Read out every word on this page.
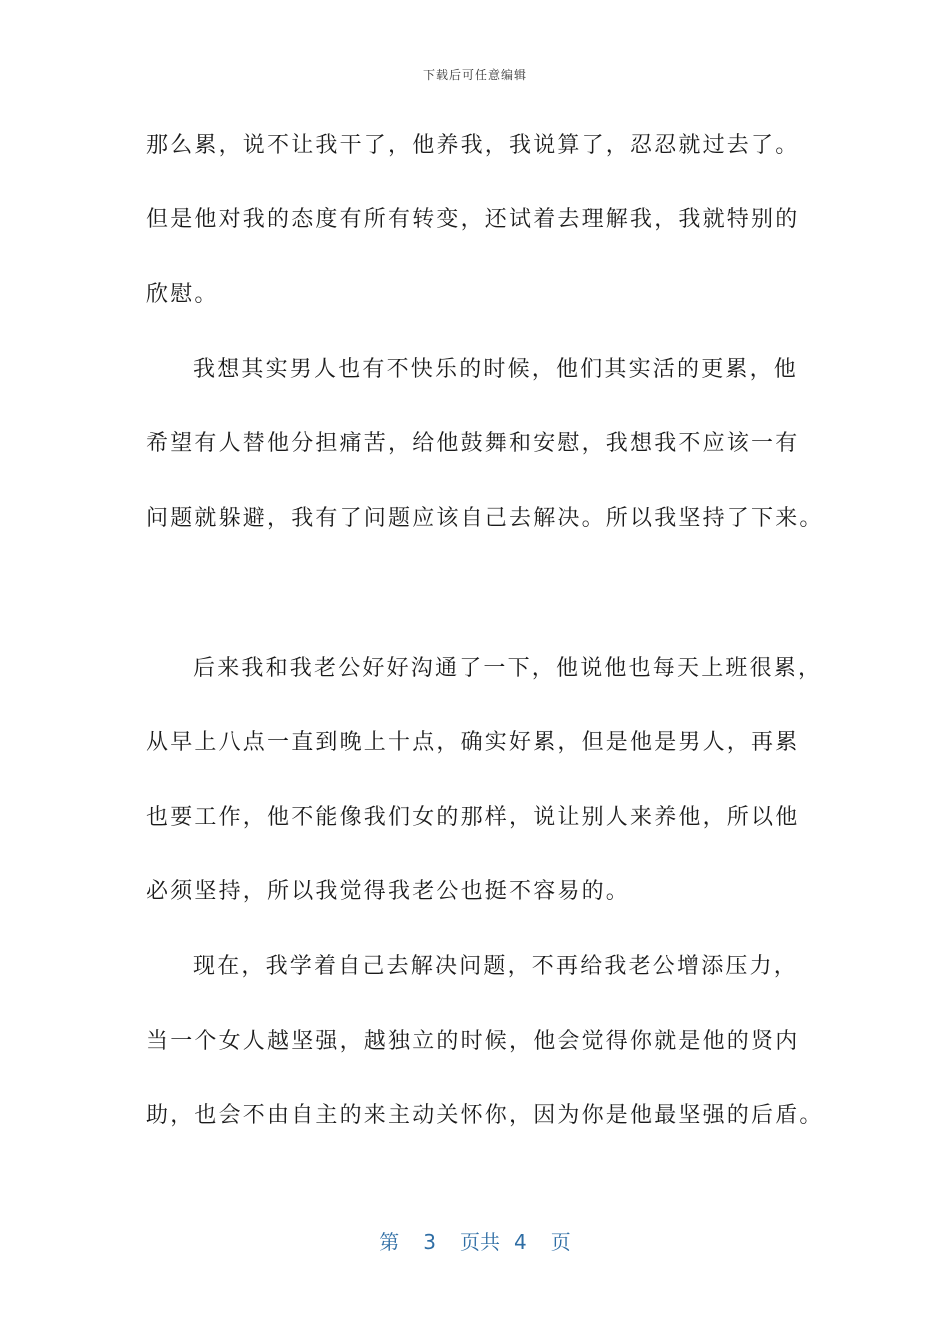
下载后可任意编辑
那么累，说不让我干了，他养我，我说算了，忍忍就过去了。
但是他对我的态度有所有转变，还试着去理解我，我就特别的
欣慰。
我想其实男人也有不快乐的时候，他们其实活的更累，他
希望有人替他分担痛苦，给他鼓舞和安慰，我想我不应该一有
问题就躲避，我有了问题应该自己去解决。所以我坚持了下来。
后来我和我老公好好沟通了一下，他说他也每天上班很累，
从早上八点一直到晚上十点，确实好累，但是他是男人，再累
也要工作，他不能像我们女的那样，说让别人来养他，所以他
必须坚持，所以我觉得我老公也挺不容易的。
现在，我学着自己去解决问题，不再给我老公增添压力，
当一个女人越坚强，越独立的时候，他会觉得你就是他的贤内
助，也会不由自主的来主动关怀你，因为你是他最坚强的后盾。
第 3 页共 4 页
